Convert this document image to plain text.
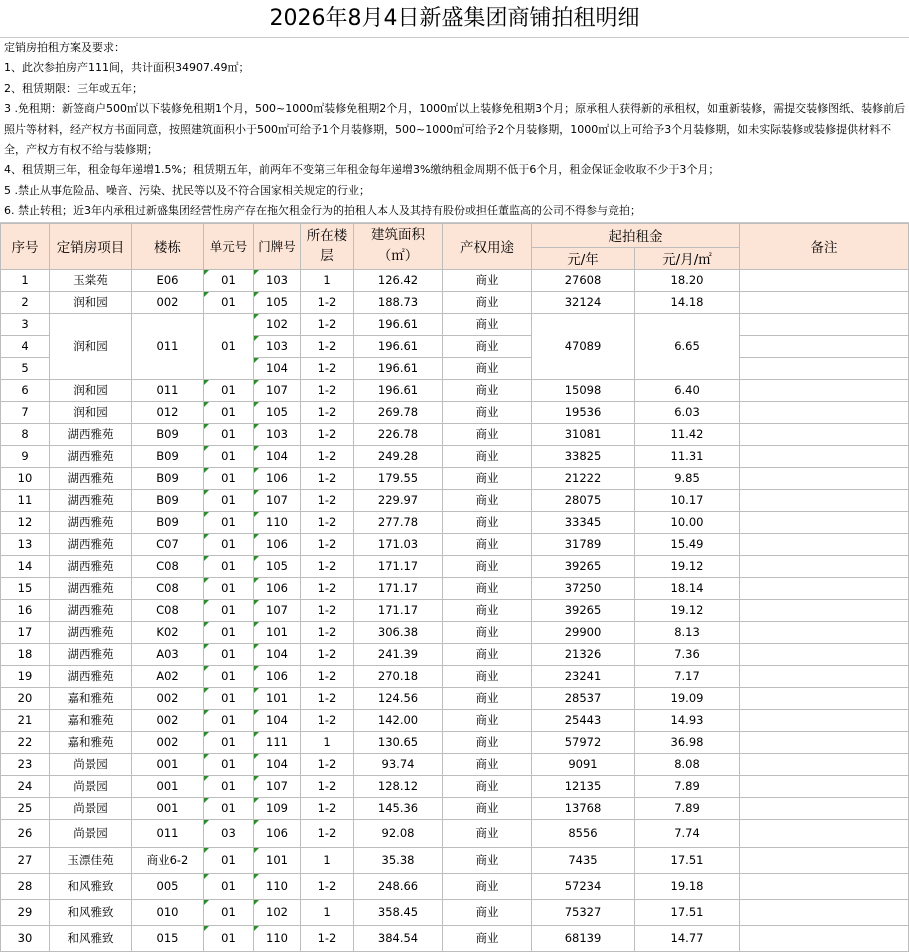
2026年8月4日新盛集团商铺拍租明细
定销房拍租方案及要求：
1、此次参拍房产111间，共计面积34907.49㎡；
2、租赁期限：三年或五年；
3 .免租期：新签商户500㎡以下装修免租期1个月，500~1000㎡装修免租期2个月，1000㎡以上装修免租期3个月；原承租人获得新的承租权，如重新装修，需提交装修图纸、装修前后照片等材料，经产权方书面同意，按照建筑面积小于500㎡可给予1个月装修期，500~1000㎡可给予2个月装修期，1000㎡以上可给予3个月装修期，如未实际装修或装修提供材料不全，产权方有权不给与装修期；
4、租赁期三年，租金每年递增1.5%；租赁期五年，前两年不变第三年租金每年递增3%缴纳租金周期不低于6个月，租金保证金收取不少于3个月；
5 .禁止从事危险品、噪音、污染、扰民等以及不符合国家相关规定的行业；
6. 禁止转租；近3年内承租过新盛集团经营性房产存在拖欠租金行为的拍租人本人及其持有股份或担任董监高的公司不得参与竞拍；
序号	定销房项目	楼栋	单元号	门牌号	所在楼层	建筑面积
（㎡）	产权用途	起拍租金		备注
								元/年	元/月/㎡	
1	玉棠苑	E06	01	103	1	126.42	商业	27608	18.20	
2	润和园	002	01	105	1-2	188.73	商业	32124	14.18	
3	润和园	011	01	102	1-2	196.61	商业	47089	6.65	
4				103	1-2	196.61	商业			
5				104	1-2	196.61	商业			
6	润和园	011	01	107	1-2	196.61	商业	15098	6.40	
7	润和园	012	01	105	1-2	269.78	商业	19536	6.03	
8	湖西雅苑	B09	01	103	1-2	226.78	商业	31081	11.42	
9	湖西雅苑	B09	01	104	1-2	249.28	商业	33825	11.31	
10	湖西雅苑	B09	01	106	1-2	179.55	商业	21222	9.85	
11	湖西雅苑	B09	01	107	1-2	229.97	商业	28075	10.17	
12	湖西雅苑	B09	01	110	1-2	277.78	商业	33345	10.00	
13	湖西雅苑	C07	01	106	1-2	171.03	商业	31789	15.49	
14	湖西雅苑	C08	01	105	1-2	171.17	商业	39265	19.12	
15	湖西雅苑	C08	01	106	1-2	171.17	商业	37250	18.14	
16	湖西雅苑	C08	01	107	1-2	171.17	商业	39265	19.12	
17	湖西雅苑	K02	01	101	1-2	306.38	商业	29900	8.13	
18	湖西雅苑	A03	01	104	1-2	241.39	商业	21326	7.36	
19	湖西雅苑	A02	01	106	1-2	270.18	商业	23241	7.17	
20	嘉和雅苑	002	01	101	1-2	124.56	商业	28537	19.09	
21	嘉和雅苑	002	01	104	1-2	142.00	商业	25443	14.93	
22	嘉和雅苑	002	01	111	1	130.65	商业	57972	36.98	
23	尚景园	001	01	104	1-2	93.74	商业	9091	8.08	
24	尚景园	001	01	107	1-2	128.12	商业	12135	7.89	
25	尚景园	001	01	109	1-2	145.36	商业	13768	7.89	
26	尚景园	011	03	106	1-2	92.08	商业	8556	7.74	
27	玉漂佳苑	商业6-2	01	101	1	35.38	商业	7435	17.51	
28	和风雅致	005	01	110	1-2	248.66	商业	57234	19.18	
29	和风雅致	010	01	102	1	358.45	商业	75327	17.51	
30	和风雅致	015	01	110	1-2	384.54	商业	68139	14.77	
